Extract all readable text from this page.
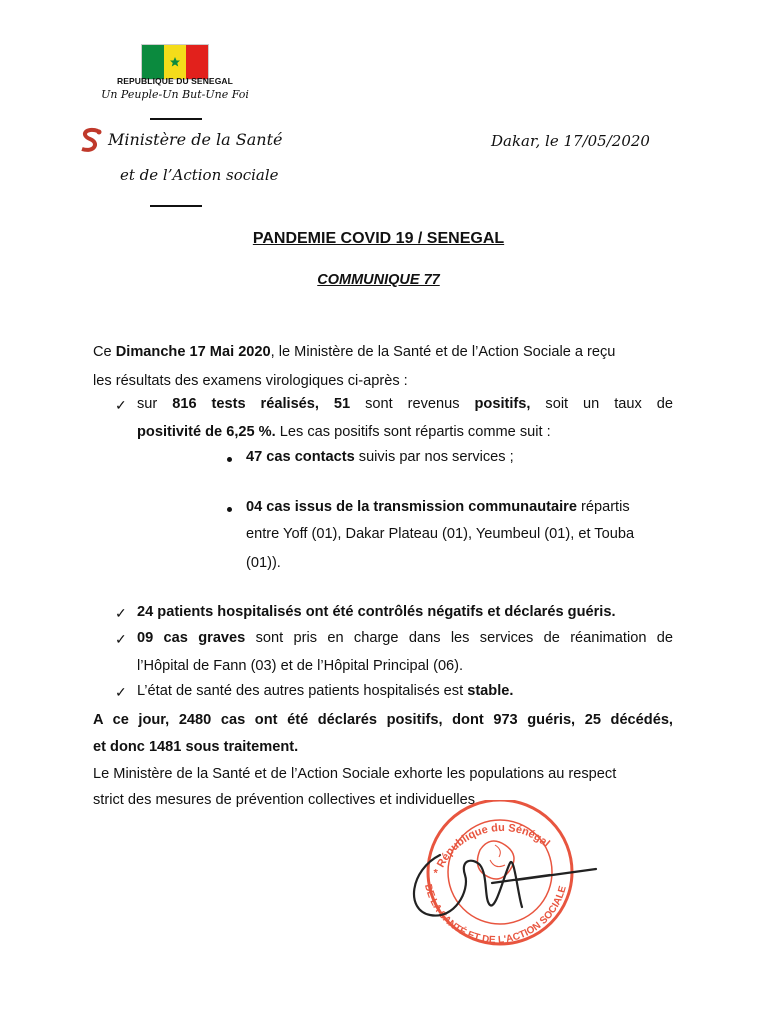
REPUBLIQUE DU SENEGAL
Un Peuple-Un But-Une Foi
Ministère de la Santé
et de l’Action sociale
Dakar, le 17/05/2020
PANDEMIE COVID 19 / SENEGAL
COMMUNIQUE 77
Ce Dimanche 17 Mai 2020, le Ministère de la Santé et de l’Action Sociale a reçu
les résultats des examens virologiques ci-après :
✓ sur 816 tests réalisés, 51 sont revenus positifs, soit un taux de
positivité de 6,25 %. Les cas positifs sont répartis comme suit :
47 cas contacts suivis par nos services ;
04 cas issus de la transmission communautaire répartis
entre Yoff (01), Dakar Plateau (01), Yeumbeul (01), et Touba
(01)).
✓ 24 patients hospitalisés ont été contrôlés négatifs et déclarés guéris.
✓ 09 cas graves sont pris en charge dans les services de réanimation de
l’Hôpital de Fann (03) et de l’Hôpital Principal (06).
✓ L’état de santé des autres patients hospitalisés est stable.
A ce jour, 2480 cas ont été déclarés positifs, dont 973 guéris, 25 décédés,
et donc 1481 sous traitement.
Le Ministère de la Santé et de l’Action Sociale exhorte les populations au respect
strict des mesures de prévention collectives et individuelles.
* République du Sénégal
DE LA SANTÉ ET DE L'ACTION SOCIALE
